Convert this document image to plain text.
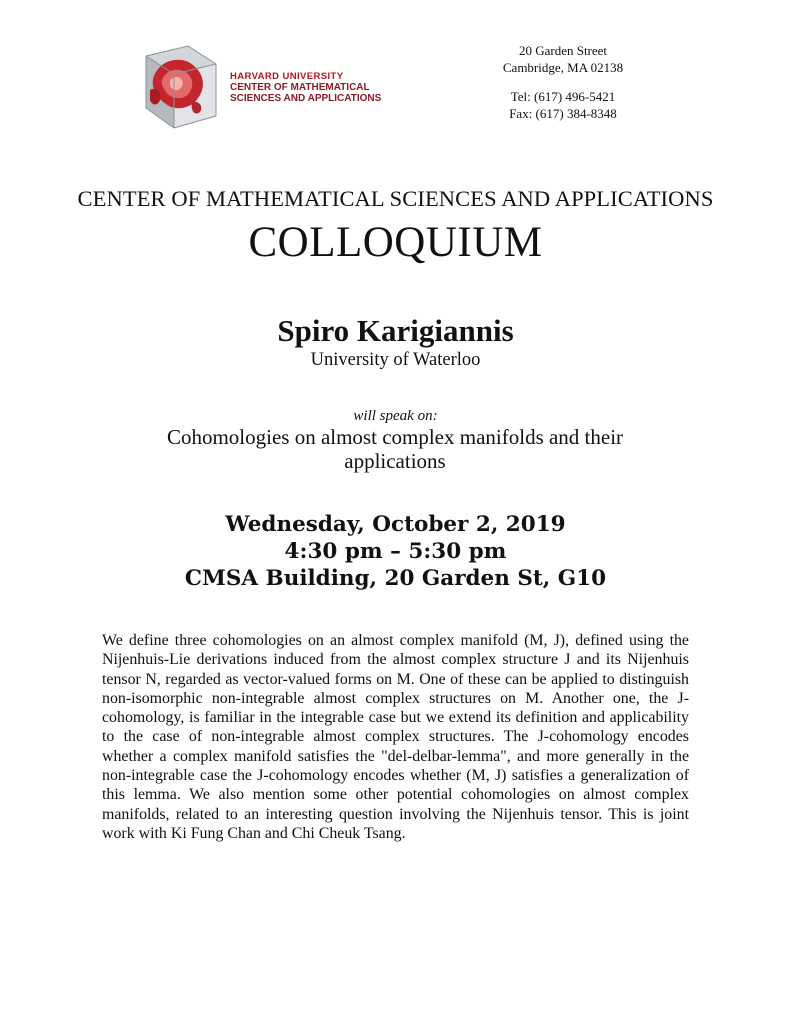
HARVARD UNIVERSITY
CENTER OF MATHEMATICAL
SCIENCES AND APPLICATIONS
20 Garden Street
Cambridge, MA 02138
Tel: (617) 496-5421
Fax: (617) 384-8348
CENTER OF MATHEMATICAL SCIENCES AND APPLICATIONS
COLLOQUIUM
Spiro Karigiannis
University of Waterloo
will speak on:
Cohomologies on almost complex manifolds and their applications
Wednesday, October 2, 2019
4:30 pm – 5:30 pm
CMSA Building, 20 Garden St, G10
We define three cohomologies on an almost complex manifold (M, J), defined using the Nijenhuis-Lie derivations induced from the almost complex structure J and its Nijenhuis tensor N, regarded as vector-valued forms on M. One of these can be applied to distinguish non-isomorphic non-integrable almost complex structures on M. Another one, the J-cohomology, is familiar in the integrable case but we extend its definition and applicability to the case of non-integrable almost complex structures. The J-cohomology encodes whether a complex manifold satisfies the "del-delbar-lemma", and more generally in the non-integrable case the J-cohomology encodes whether (M, J) satisfies a generalization of this lemma. We also mention some other potential cohomologies on almost complex manifolds, related to an interesting question involving the Nijenhuis tensor. This is joint work with Ki Fung Chan and Chi Cheuk Tsang.
